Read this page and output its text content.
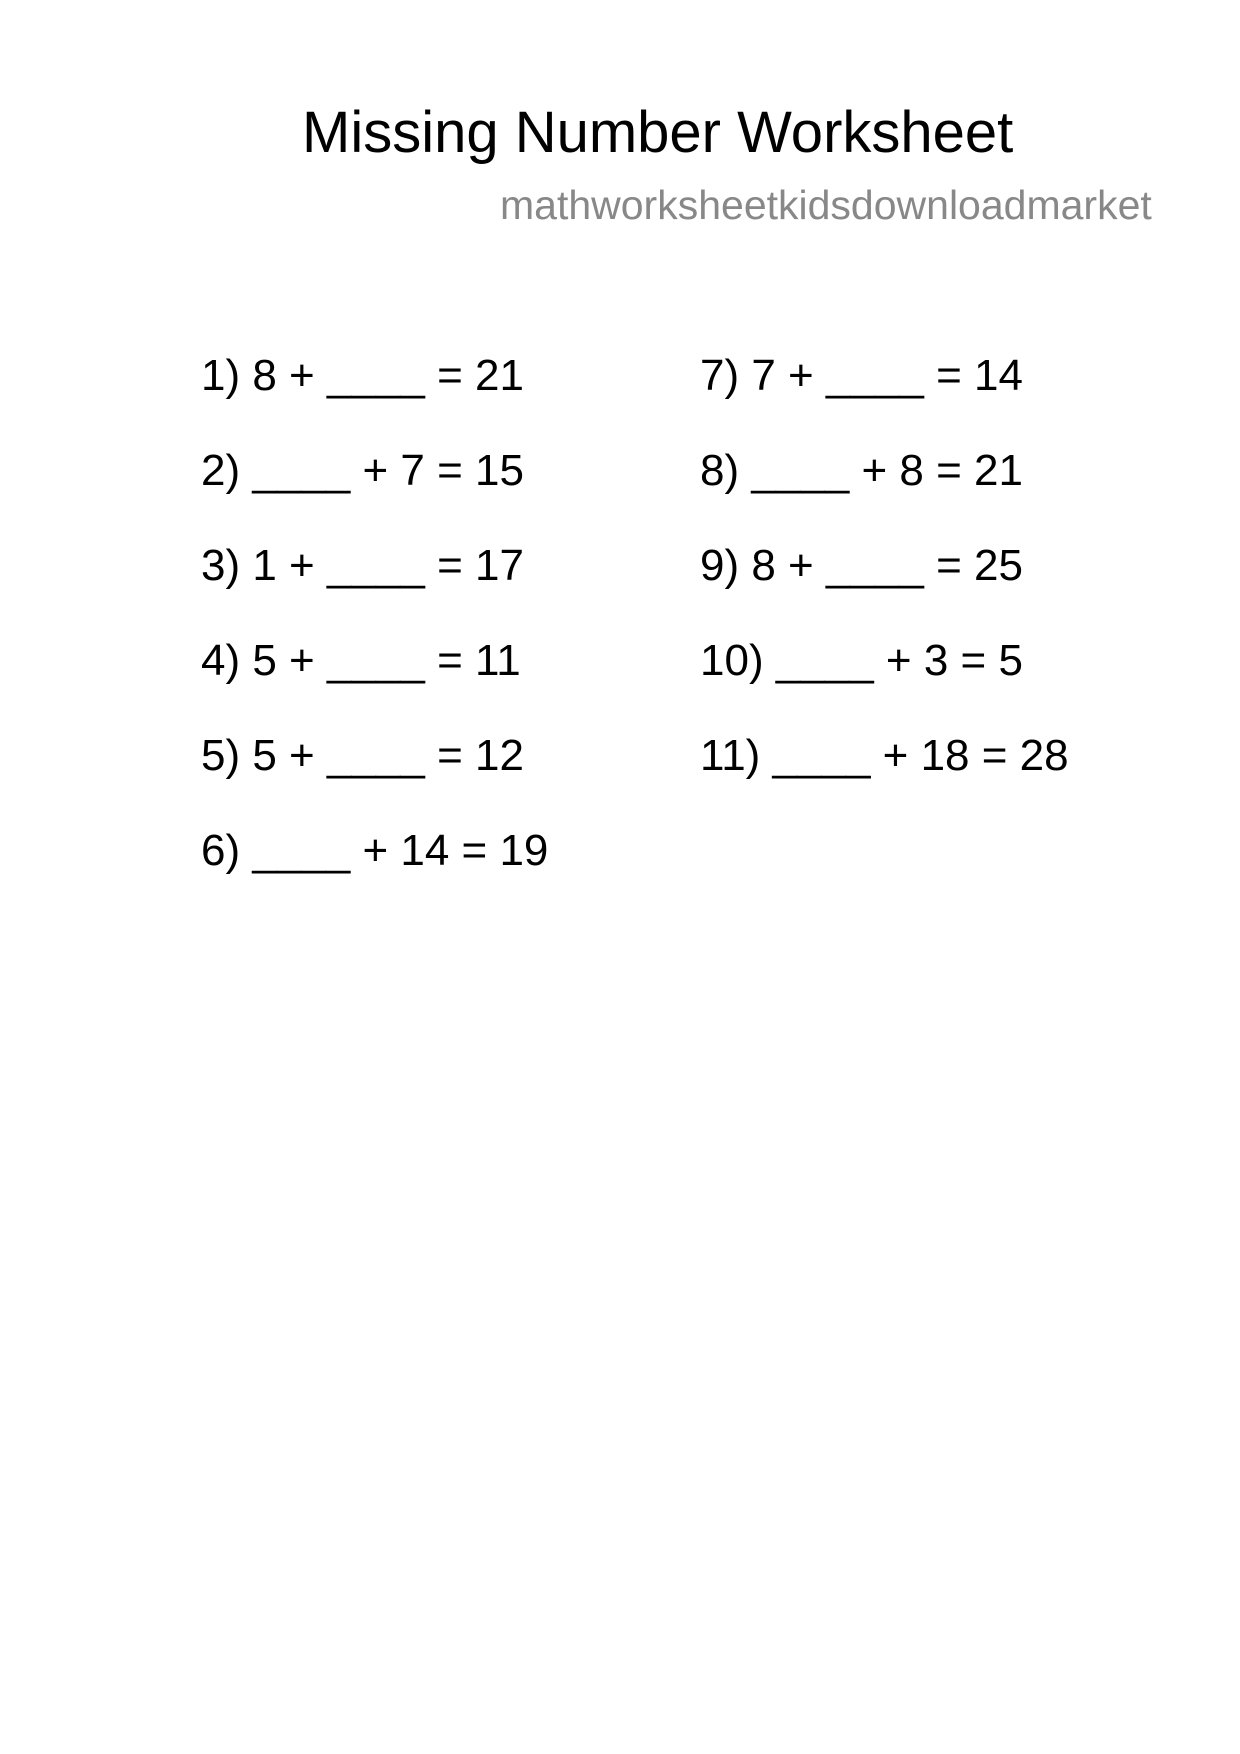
Missing Number Worksheet
mathworksheetkidsdownloadmarket
1) 8 + ____ = 21
2) ____ + 7 = 15
3) 1 + ____ = 17
4) 5 + ____ = 11
5) 5 + ____ = 12
6) ____ + 14 = 19
7) 7 + ____ = 14
8) ____ + 8 = 21
9) 8 + ____ = 25
10) ____ + 3 = 5
11) ____ + 18 = 28
